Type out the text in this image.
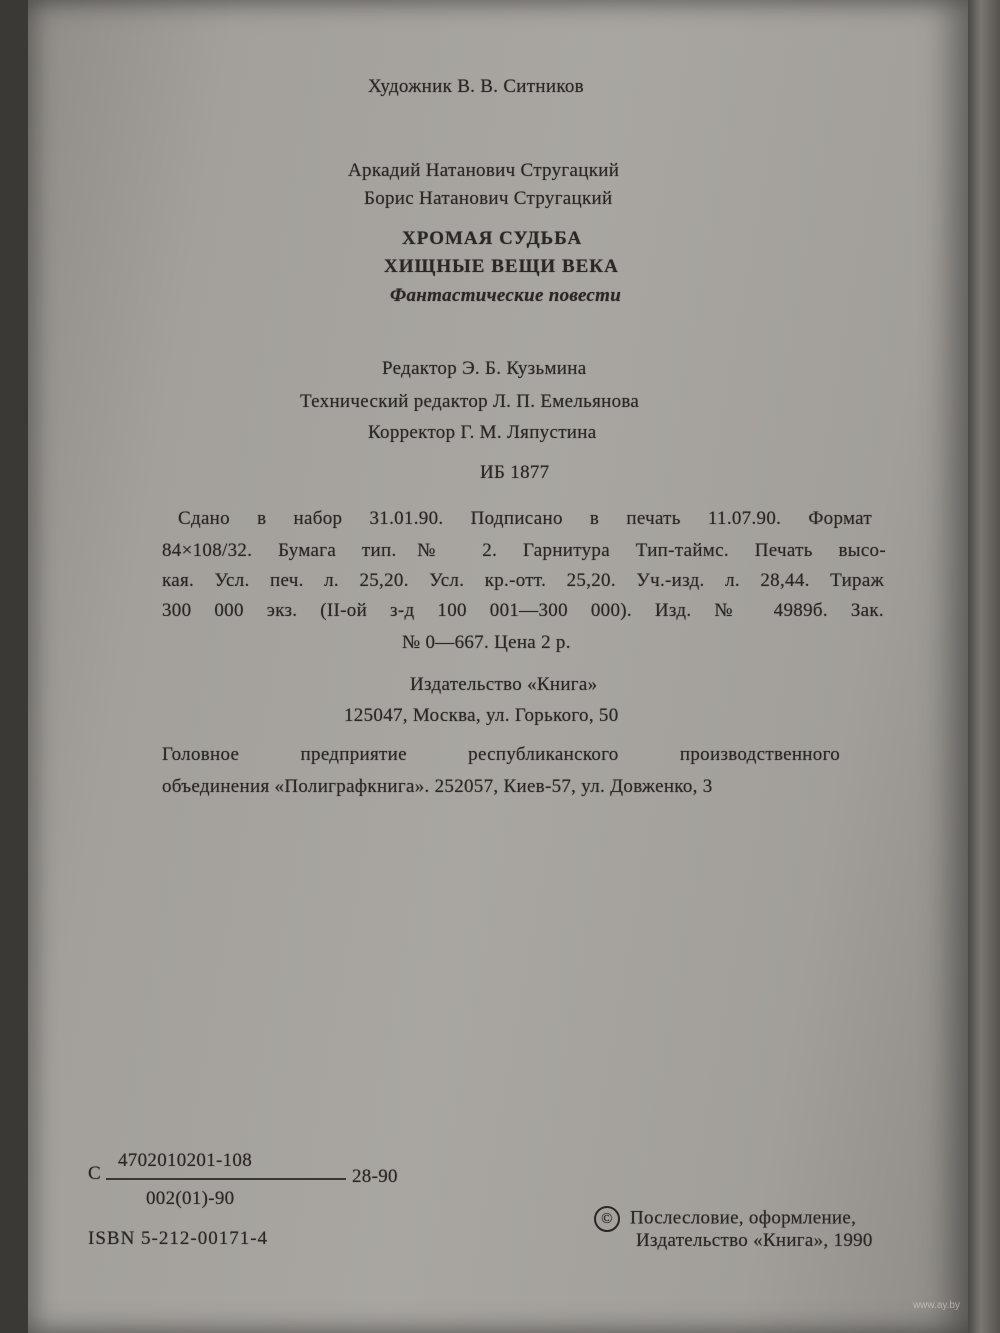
Художник В. В. Ситников
Аркадий Натанович Стругацкий
Борис Натанович Стругацкий
ХРОМАЯ СУДЬБА
ХИЩНЫЕ ВЕЩИ ВЕКА
Фантастические повести
Редактор Э. Б. Кузьмина
Технический редактор Л. П. Емельянова
Корректор Г. М. Ляпустина
ИБ 1877
Сдано в набор 31.01.90. Подписано в печать 11.07.90. Формат
84×108/32. Бумага тип.№ 2. Гарнитура Тип-таймс. Печать высо-
кая. Усл. печ. л. 25,20. Усл. кр.-отт. 25,20. Уч.-изд. л. 28,44. Тираж
300 000 экз. (II-ой з-д 100 001—300 000). Изд. № 4989б. Зак.
№ 0—667. Цена 2 р.
Издательство «Книга»
125047, Москва, ул. Горького, 50
Головное предприятие республиканского производственного
объединения «Полиграфкнига». 252057, Киев-57, ул. Довженко, 3
С
4702010201-108
002(01)-90
28-90
ISBN 5-212-00171-4
© Послесловие, оформление,
Издательство «Книга», 1990
www.ay.by
